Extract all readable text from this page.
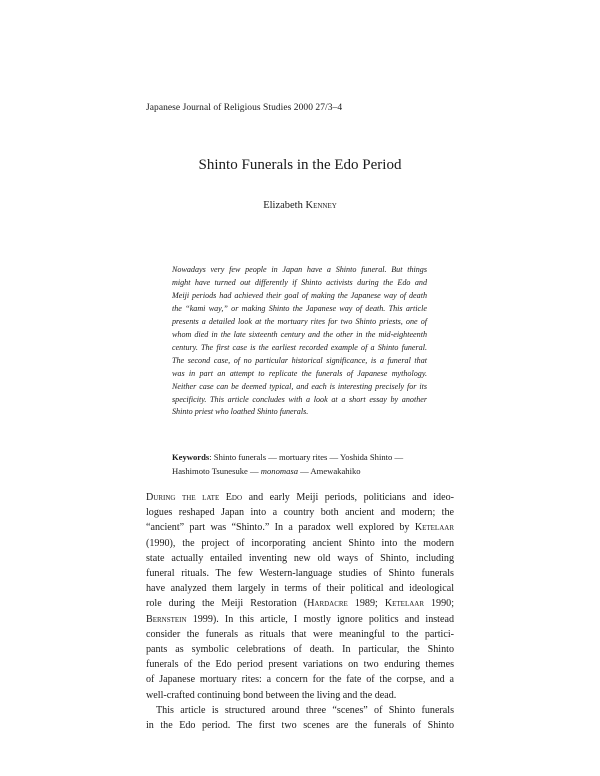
Japanese Journal of Religious Studies 2000 27/3–4
Shinto Funerals in the Edo Period
Elizabeth Kenney
Nowadays very few people in Japan have a Shinto funeral. But things
might have turned out differently if Shinto activists during the Edo and
Meiji periods had achieved their goal of making the Japanese way of death
the “kami way,” or making Shinto the Japanese way of death. This article
presents a detailed look at the mortuary rites for two Shinto priests, one of
whom died in the late sixteenth century and the other in the mid-eighteenth
century. The first case is the earliest recorded example of a Shinto funeral.
The second case, of no particular historical significance, is a funeral that
was in part an attempt to replicate the funerals of Japanese mythology.
Neither case can be deemed typical, and each is interesting precisely for its
specificity. This article concludes with a look at a short essay by another
Shinto priest who loathed Shinto funerals.
Keywords: Shinto funerals — mortuary rites — Yoshida Shinto —
Hashimoto Tsunesuke — monomasa — Amewakahiko
During the late Edo and early Meiji periods, politicians and ideo-
logues reshaped Japan into a country both ancient and modern; the
“ancient” part was “Shinto.” In a paradox well explored by Ketelaar
(1990), the project of incorporating ancient Shinto into the modern
state actually entailed inventing new old ways of Shinto, including
funeral rituals. The few Western-language studies of Shinto funerals
have analyzed them largely in terms of their political and ideological
role during the Meiji Restoration (Hardacre 1989; Ketelaar 1990;
Bernstein 1999). In this article, I mostly ignore politics and instead
consider the funerals as rituals that were meaningful to the partici-
pants as symbolic celebrations of death. In particular, the Shinto
funerals of the Edo period present variations on two enduring themes
of Japanese mortuary rites: a concern for the fate of the corpse, and a
well-crafted continuing bond between the living and the dead.
This article is structured around three “scenes” of Shinto funerals
in the Edo period. The first two scenes are the funerals of Shinto
